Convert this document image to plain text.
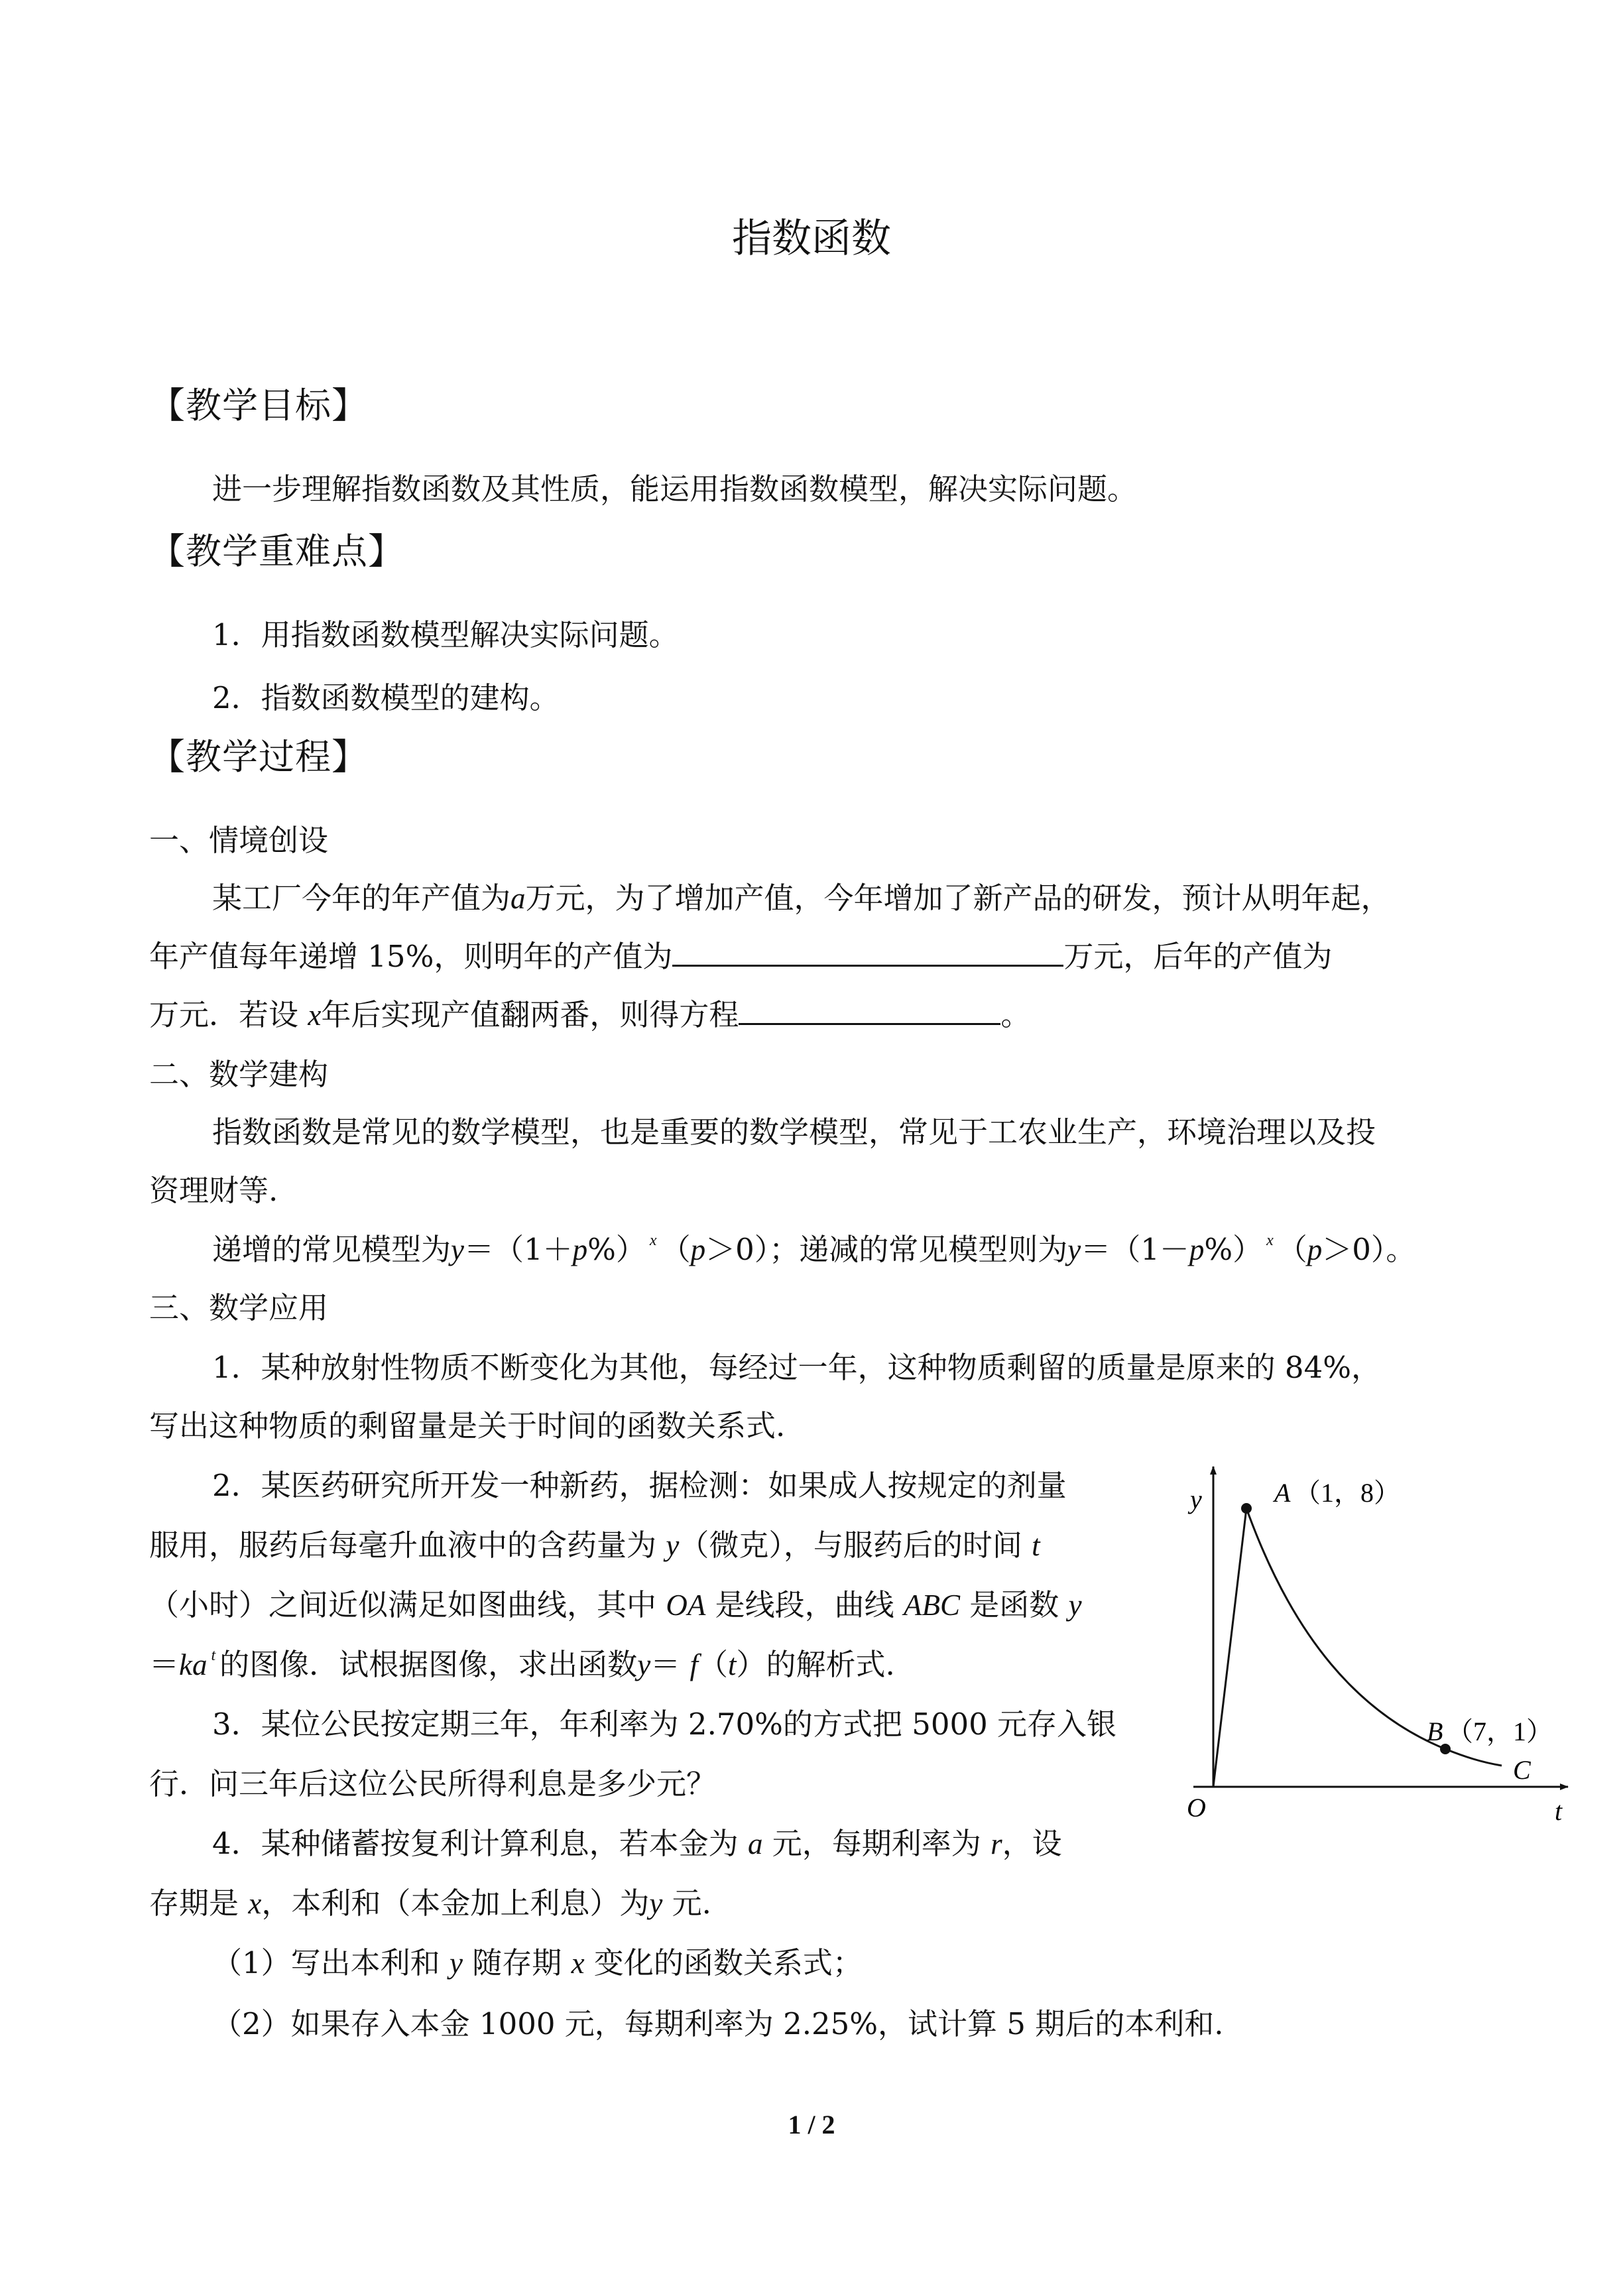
指数函数
【教学目标】
进一步理解指数函数及其性质，能运用指数函数模型，解决实际问题。
【教学重难点】
1．用指数函数模型解决实际问题。
2．指数函数模型的建构。
【教学过程】
一、情境创设
某工厂今年的年产值为a万元，为了增加产值，今年增加了新产品的研发，预计从明年起，
年产值每年递增 15%，则明年的产值为	万元，后年的产值为
万元．若设 x年后实现产值翻两番，则得方程	。
二、数学建构
指数函数是常见的数学模型，也是重要的数学模型，常见于工农业生产，环境治理以及投
资理财等.
递增的常见模型为y＝（1＋p%） $^x$ （p＞0）；递减的常见模型则为y＝（1－p%） $^x$ （p＞0）。
三、数学应用
1．某种放射性物质不断变化为其他，每经过一年，这种物质剩留的质量是原来的 84%，
写出这种物质的剩留量是关于时间的函数关系式.
2．某医药研究所开发一种新药，据检测：如果成人按规定的剂量
服用，服药后每毫升血液中的含药量为 y（微克），与服药后的时间 t
（小时）之间近似满足如图曲线，其中 OA 是线段，曲线 ABC 是函数 y
＝ka $^t$ 的图像．试根据图像，求出函数y＝ f（t）的解析式.
3．某位公民按定期三年，年利率为 2.70%的方式把 5000 元存入银
行．问三年后这位公民所得利息是多少元？
4．某种储蓄按复利计算利息，若本金为 a 元，每期利率为 r，设
存期是 x，本利和（本金加上利息）为y 元.
（1）写出本利和 y 随存期 x 变化的函数关系式；
（2）如果存入本金 1000 元，每期利率为 2.25%，试计算 5 期后的本利和.
y
t
O
A （1，8）
B （7，1）
C
1 / 2
